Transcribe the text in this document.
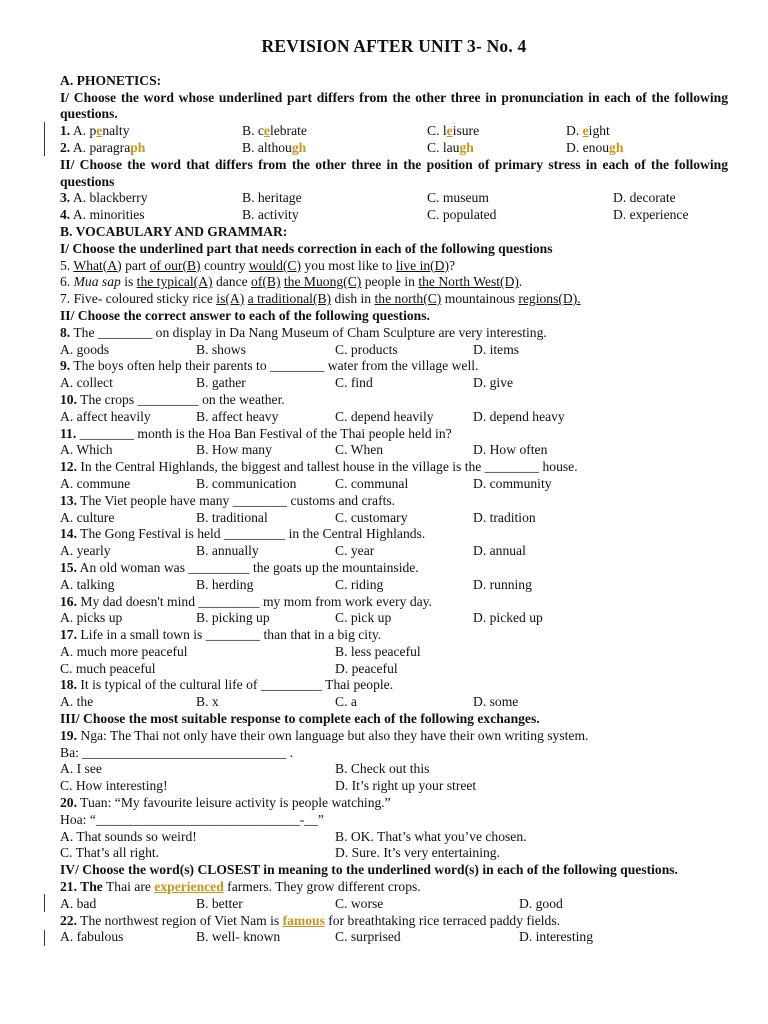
REVISION AFTER UNIT 3- No. 4
A. PHONETICS:
I/ Choose the word whose underlined part differs from the other three in pronunciation in each of the following questions.
1. A. penalty	B. celebrate	C. leisure	D. eight
2. A. paragraph	B. although	C. laugh	D. enough
II/ Choose the word that differs from the other three in the position of primary stress in each of the following questions
3. A. blackberry	B. heritage	C. museum	D. decorate
4. A. minorities	B. activity	C. populated	D. experience
B. VOCABULARY AND GRAMMAR:
I/ Choose the underlined part that needs correction in each of the following questions
5. What(A) part of our(B) country would(C) you most like to live in(D)?
6. Mua sap is the typical(A) dance of(B) the Muong(C) people in the North West(D).
7. Five- coloured sticky rice is(A) a traditional(B) dish in the north(C) mountainous regions(D).
II/ Choose the correct answer to each of the following questions.
8. The ________ on display in Da Nang Museum of Cham Sculpture are very interesting.
A. goods	B. shows	C. products	D. items
9. The boys often help their parents to ________ water from the village well.
A. collect	B. gather	C. find	D. give
10. The crops _________ on the weather.
A. affect heavily	B. affect heavy	C. depend heavily	D. depend heavy
11. ________ month is the Hoa Ban Festival of the Thai people held in?
A. Which	B. How many	C. When	D. How often
12. In the Central Highlands, the biggest and tallest house in the village is the ________ house.
A. commune	B. communication	C. communal	D. community
13. The Viet people have many ________ customs and crafts.
A. culture	B. traditional	C. customary	D. tradition
14. The Gong Festival is held _________ in the Central Highlands.
A. yearly	B. annually	C. year	D. annual
15. An old woman was _________ the goats up the mountainside.
A. talking	B. herding	C. riding	D. running
16. My dad doesn't mind _________ my mom from work every day.
A. picks up	B. picking up	C. pick up	D. picked up
17. Life in a small town is ________ than that in a big city.
A. much more peaceful	B. less peaceful
C. much peaceful	D. peaceful
18. It is typical of the cultural life of _________ Thai people.
A. the	B. x	C. a	D. some
III/ Choose the most suitable response to complete each of the following exchanges.
19. Nga: The Thai not only have their own language but also they have their own writing system.
Ba: ______________________________ .
A. I see	B. Check out this
C. How interesting!	D. It’s right up your street
20. Tuan: “My favourite leisure activity is people watching.”
Hoa: “______________________________-__”
A. That sounds so weird!	B. OK. That’s what you’ve chosen.
C. That’s all right.	D. Sure. It’s very entertaining.
IV/ Choose the word(s) CLOSEST in meaning to the underlined word(s) in each of the following questions.
21. The Thai are experienced farmers. They grow different crops.
A. bad	B. better	C. worse	D. good
22. The northwest region of Viet Nam is famous for breathtaking rice terraced paddy fields.
A. fabulous	B. well- known	C. surprised	D. interesting
